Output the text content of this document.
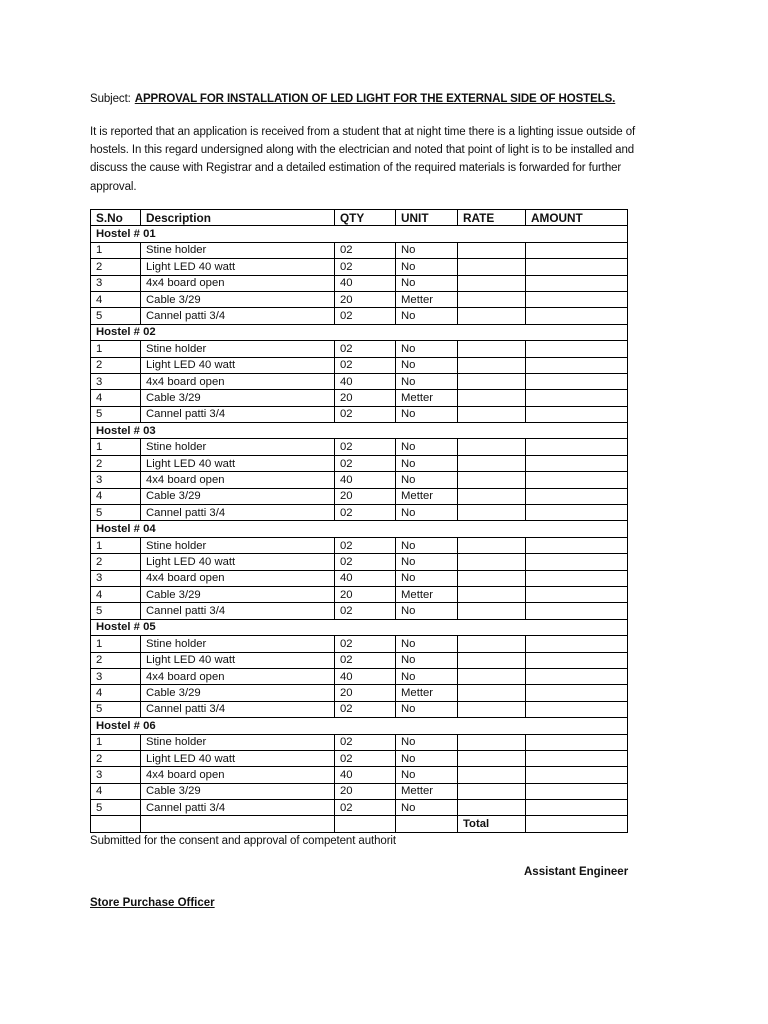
Subject: APPROVAL FOR INSTALLATION OF LED LIGHT FOR THE EXTERNAL SIDE OF HOSTELS.
It is reported that an application is received from a student that at night time there is a lighting issue outside of hostels. In this regard undersigned along with the electrician and noted that point of light is to be installed and discuss the cause with Registrar and a detailed estimation of the required materials is forwarded for further approval.
S.No	Description	QTY	UNIT	RATE	AMOUNT
Hostel # 01					
1	Stine holder	02	No		
2	Light LED 40 watt	02	No		
3	4x4 board open	40	No		
4	Cable 3/29	20	Metter		
5	Cannel patti 3/4	02	No		
Hostel # 02					
1	Stine holder	02	No		
2	Light LED 40 watt	02	No		
3	4x4 board open	40	No		
4	Cable 3/29	20	Metter		
5	Cannel patti 3/4	02	No		
Hostel # 03					
1	Stine holder	02	No		
2	Light LED 40 watt	02	No		
3	4x4 board open	40	No		
4	Cable 3/29	20	Metter		
5	Cannel patti 3/4	02	No		
Hostel # 04					
1	Stine holder	02	No		
2	Light LED 40 watt	02	No		
3	4x4 board open	40	No		
4	Cable 3/29	20	Metter		
5	Cannel patti 3/4	02	No		
Hostel # 05					
1	Stine holder	02	No		
2	Light LED 40 watt	02	No		
3	4x4 board open	40	No		
4	Cable 3/29	20	Metter		
5	Cannel patti 3/4	02	No		
Hostel # 06					
1	Stine holder	02	No		
2	Light LED 40 watt	02	No		
3	4x4 board open	40	No		
4	Cable 3/29	20	Metter		
5	Cannel patti 3/4	02	No		
				Total	
Submitted for the consent and approval of competent authorit
Assistant Engineer
Store Purchase Officer
